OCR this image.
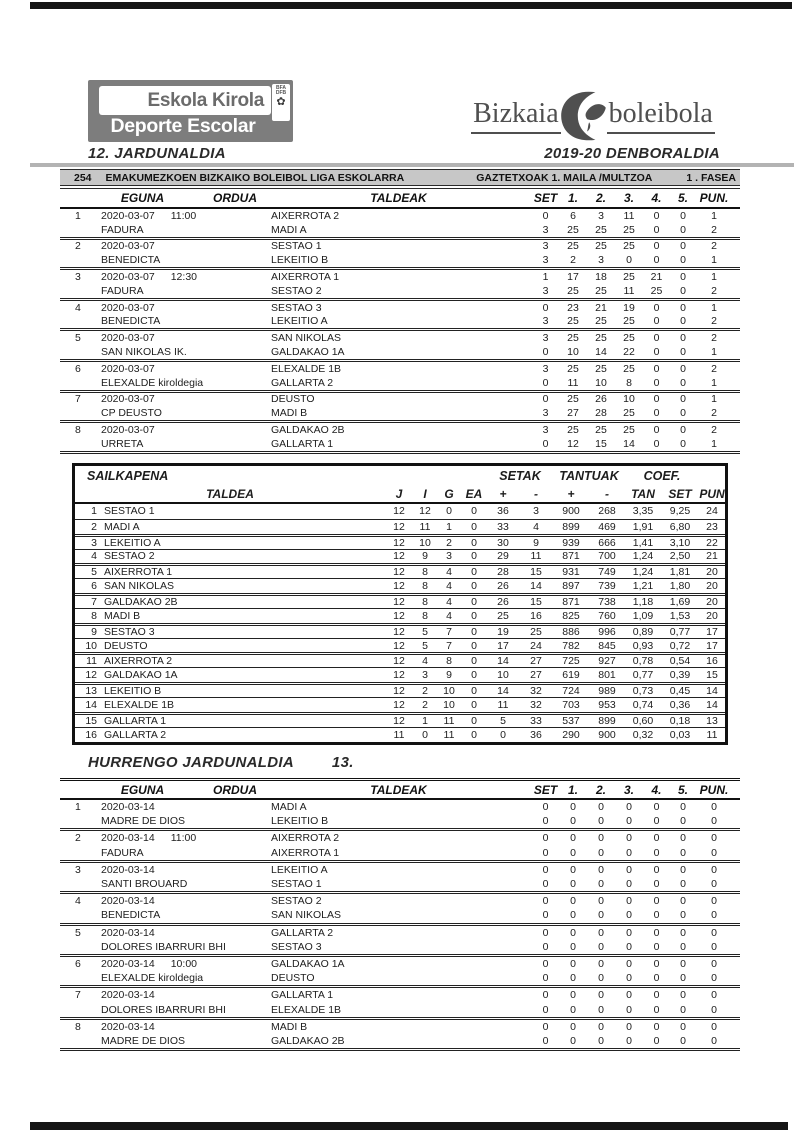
Eskola Kirola
Deporte Escolar
BFA
DFB
✿	Bizkaia boleibola
12. JARDUNALDIA	2019-20 DENBORALDIA
254 EMAKUMEZKOEN BIZKAIKO BOLEIBOL LIGA ESKOLARRA	GAZTETXOAK 1. MAILA /MULTZOA	1 . FASEA
EGUNA	ORDUA	TALDEAK	SET 1.	2.	3.	4.	5. PUN.
1	2020-03-07 11:00	AIXERROTA 2	0	6	3	11	0	0	1
FADURA	MADI A	3	25	25	25	0	0	2
2	2020-03-07	SESTAO 1	3	25	25	25	0	0	2
BENEDICTA	LEKEITIO B	3	2	3	0	0	0	1
3	2020-03-07 12:30	AIXERROTA 1	1	17	18	25	21	0	1
FADURA	SESTAO 2	3	25	25	11	25	0	2
4	2020-03-07	SESTAO 3	0	23	21	19	0	0	1
BENEDICTA	LEKEITIO A	3	25	25	25	0	0	2
5	2020-03-07	SAN NIKOLAS	3	25	25	25	0	0	2
SAN NIKOLAS IK.	GALDAKAO 1A	0	10	14	22	0	0	1
6	2020-03-07	ELEXALDE 1B	3	25	25	25	0	0	2
ELEXALDE kiroldegia	GALLARTA 2	0	11	10	8	0	0	1
7	2020-03-07	DEUSTO	0	25	26	10	0	0	1
CP DEUSTO	MADI B	3	27	28	25	0	0	2
8	2020-03-07	GALDAKAO 2B	3	25	25	25	0	0	2
URRETA	GALLARTA 1	0	12	15	14	0	0	1
SAILKAPENA	SETAK	TANTUAK	COEF.
TALDEA	J	I	G EA	+	-	+	-	TAN	SET PUN
1 SESTAO 1	12	12	0	0	36	3	900	268	3,35	9,25	24
2 MADI A	12	11	1	0	33	4	899	469	1,91	6,80	23
3 LEKEITIO A	12	10	2	0	30	9	939	666	1,41	3,10	22
4 SESTAO 2	12	9	3	0	29	11	871	700	1,24	2,50	21
5 AIXERROTA 1	12	8	4	0	28	15	931	749	1,24	1,81	20
6 SAN NIKOLAS	12	8	4	0	26	14	897	739	1,21	1,80	20
7 GALDAKAO 2B	12	8	4	0	26	15	871	738	1,18	1,69	20
8 MADI B	12	8	4	0	25	16	825	760	1,09	1,53	20
9 SESTAO 3	12	5	7	0	19	25	886	996	0,89	0,77	17
10 DEUSTO	12	5	7	0	17	24	782	845	0,93	0,72	17
11 AIXERROTA 2	12	4	8	0	14	27	725	927	0,78	0,54	16
12 GALDAKAO 1A	12	3	9	0	10	27	619	801	0,77	0,39	15
13 LEKEITIO B	12	2	10	0	14	32	724	989	0,73	0,45	14
14 ELEXALDE 1B	12	2	10	0	11	32	703	953	0,74	0,36	14
15 GALLARTA 1	12	1	11	0	5	33	537	899	0,60	0,18	13
16 GALLARTA 2	11	0	11	0	0	36	290	900	0,32	0,03	11
HURRENGO JARDUNALDIA	13.
EGUNA	ORDUA	TALDEAK	SET 1.	2.	3.	4.	5. PUN.
1	2020-03-14	MADI A	0	0	0	0	0	0	0
MADRE DE DIOS	LEKEITIO B	0	0	0	0	0	0	0
2	2020-03-14 11:00	AIXERROTA 2	0	0	0	0	0	0	0
FADURA	AIXERROTA 1	0	0	0	0	0	0	0
3	2020-03-14	LEKEITIO A	0	0	0	0	0	0	0
SANTI BROUARD	SESTAO 1	0	0	0	0	0	0	0
4	2020-03-14	SESTAO 2	0	0	0	0	0	0	0
BENEDICTA	SAN NIKOLAS	0	0	0	0	0	0	0
5	2020-03-14	GALLARTA 2	0	0	0	0	0	0	0
DOLORES IBARRURI BHI	SESTAO 3	0	0	0	0	0	0	0
6	2020-03-14 10:00	GALDAKAO 1A	0	0	0	0	0	0	0
ELEXALDE kiroldegia	DEUSTO	0	0	0	0	0	0	0
7	2020-03-14	GALLARTA 1	0	0	0	0	0	0	0
DOLORES IBARRURI BHI	ELEXALDE 1B	0	0	0	0	0	0	0
8	2020-03-14	MADI B	0	0	0	0	0	0	0
MADRE DE DIOS	GALDAKAO 2B	0	0	0	0	0	0	0
